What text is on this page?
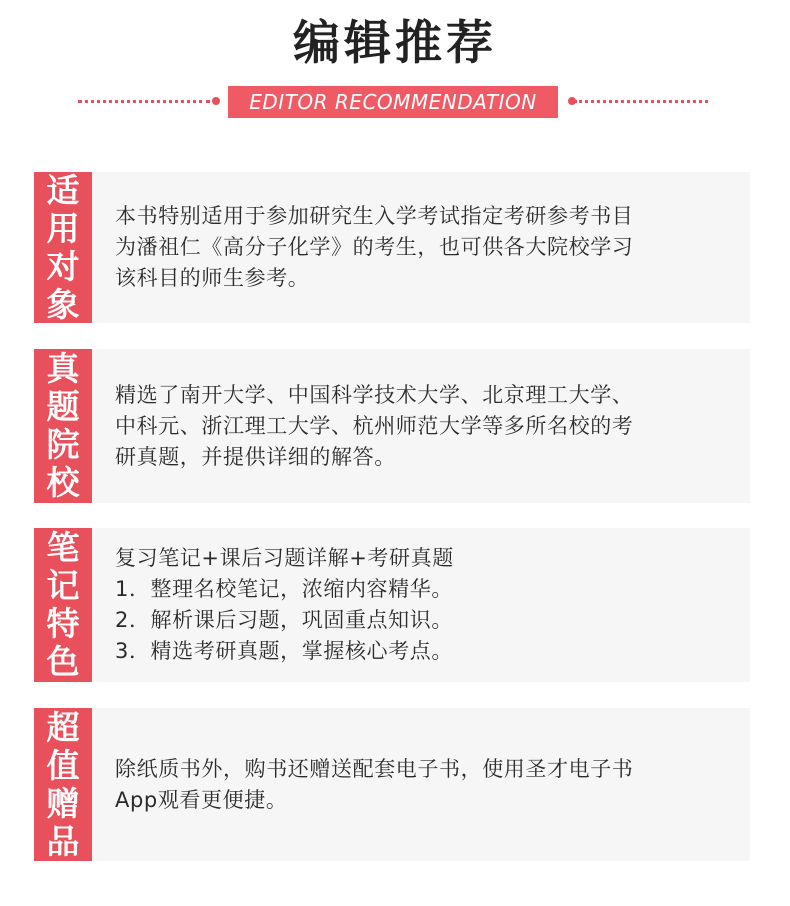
编辑推荐
EDITOR RECOMMENDATION
适
用
对
象

本书特别适用于参加研究生入学考试指定考研参考书目

为潘祖仁《高分子化学》的考生，也可供各大院校学习

该科目的师生参考。

真
题
院
校

精选了南开大学、中国科学技术大学、北京理工大学、

中科元、浙江理工大学、杭州师范大学等多所名校的考

研真题，并提供详细的解答。

笔
记
特
色

复习笔记+课后习题详解+考研真题

1．整理名校笔记，浓缩内容精华。

2．解析课后习题，巩固重点知识。

3．精选考研真题，掌握核心考点。

超
值
赠
品

除纸质书外，购书还赠送配套电子书，使用圣才电子书

App观看更便捷。
